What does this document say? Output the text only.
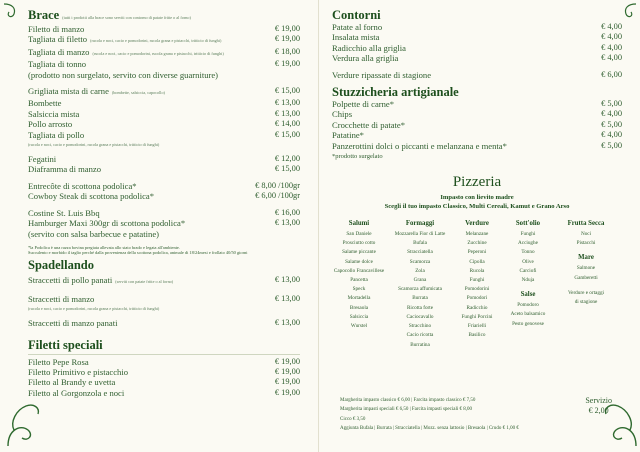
Brace (tutti i prodotti alla brace sono serviti con contorno di patate fritte o al forno)
Filetto di manzo	€ 19,00
Tagliata di filetto (rucola e noci, cacio e pomodorini, rucola grana e pistacchi, tritticio di funghi)	€ 19,00
Tagliata di manzo (rucola e noci, cacio e pomodorini, rucola grana e pistacchi, tritticio di funghi)	€ 18,00
Tagliata di tonno	€ 19,00
(prodotto non surgelato, servito con diverse guarniture)
Grigliata mista di carne (bombette, salsiccia, capocollo)	€ 15,00
Bombette	€ 13,00
Salsiccia mista	€ 13,00
Pollo arrosto	€ 14,00
Tagliata di pollo	€ 15,00
(rucola e noci, cacio e pomodorini, rucola grana e pistacchi, tritticio di funghi)
Fegatini	€ 12,00
Diaframma di manzo	€ 15,00
Entrecôte di scottona podolica*	€ 8,00 /100gr
Cowboy Steak di scottona podolica*	€ 6,00 /100gr
Costine St. Luis Bbq	€ 16,00
Hamburger Maxi 300gr di scottona podolica*	€ 13,00
(servito con salsa barbecue e patatine)
*la Podolica è una razza bovina pregiata allevata allo stato brado e legata all'ambiente.
Succulento e morbido il taglio perché dalla provenienza della scottona podolica, animale di 18/24mesi e frollato 40/50 giorni
Spadellando
Straccetti di pollo panati (serviti con patate fritte o al forno)	€ 13,00
Straccetti di manzo	€ 13,00
(rucola e noci, cacio e pomodorini, rucola grana e pistacchi, tritticio di funghi)
Straccetti di manzo panati	€ 13,00
Filetti speciali
Filetto Pepe Rosa	€ 19,00
Filetto Primitivo e pistacchio	€ 19,00
Filetto al Brandy e uvetta	€ 19,00
Filetto al Gorgonzola e noci	€ 19,00
Contorni
Patate al forno	€ 4,00
Insalata mista	€ 4,00
Radicchio alla griglia	€ 4,00
Verdura alla griglia	€ 4,00
Verdure ripassate di stagione	€ 6,00
Stuzzicheria artigianale
Polpette di carne*	€ 5,00
Chips	€ 4,00
Crocchette di patate*	€ 5,00
Patatine*	€ 4,00
Panzerottini dolci o piccanti e melanzana e menta*	€ 5,00
*prodotto surgelato
Pizzeria
Impasto con lievito madre
Scegli il tuo impasto Classico, Multi Cereali, Kamut e Grano Arso
Salumi
San Daniele
Prosciutto cotto
Salame piccante
Salame dolce
Capocollo Francavillese
Pancetta
Speck
Mortadella
Bresaola
Salsiccia
Wurstel
Formaggi
Mozzarella Fior di Latte
Bufala
Stracciatella
Scamorza
Zola
Grana
Scamorza affumicata
Burrata
Ricotta forte
Caciocavallo
Stracchino
Cacio ricotta
Burratina
Verdure
Melanzane
Zucchine
Peperoni
Cipolla
Rucola
Funghi
Pomodorini
Pomodori
Radicchio
Funghi Porcini
Friarielli
Basilico
Sott'olio
Funghi
Acciughe
Tonno
Olive
Carciofi
Nduja
Salse
Pomodoro
Aceto balsamico
Pesto genovese
Frutta Secca
Noci
Pistacchi
Mare
Salmone
Gamberetti
Verdure e ortaggi
di stagione
Margherita impasto classico € 6,00 | Farcita impasto classico € 7,50
Margherita impasti speciali € 6,50 | Farcita impasti speciali € 8,00
Cicco € 3,50
Aggiunta Bufala | Burrata | Stracciatella | Mozz. senza lattosio | Bresaola | Crudo € 1,00 €
Servizio
€ 2,00
